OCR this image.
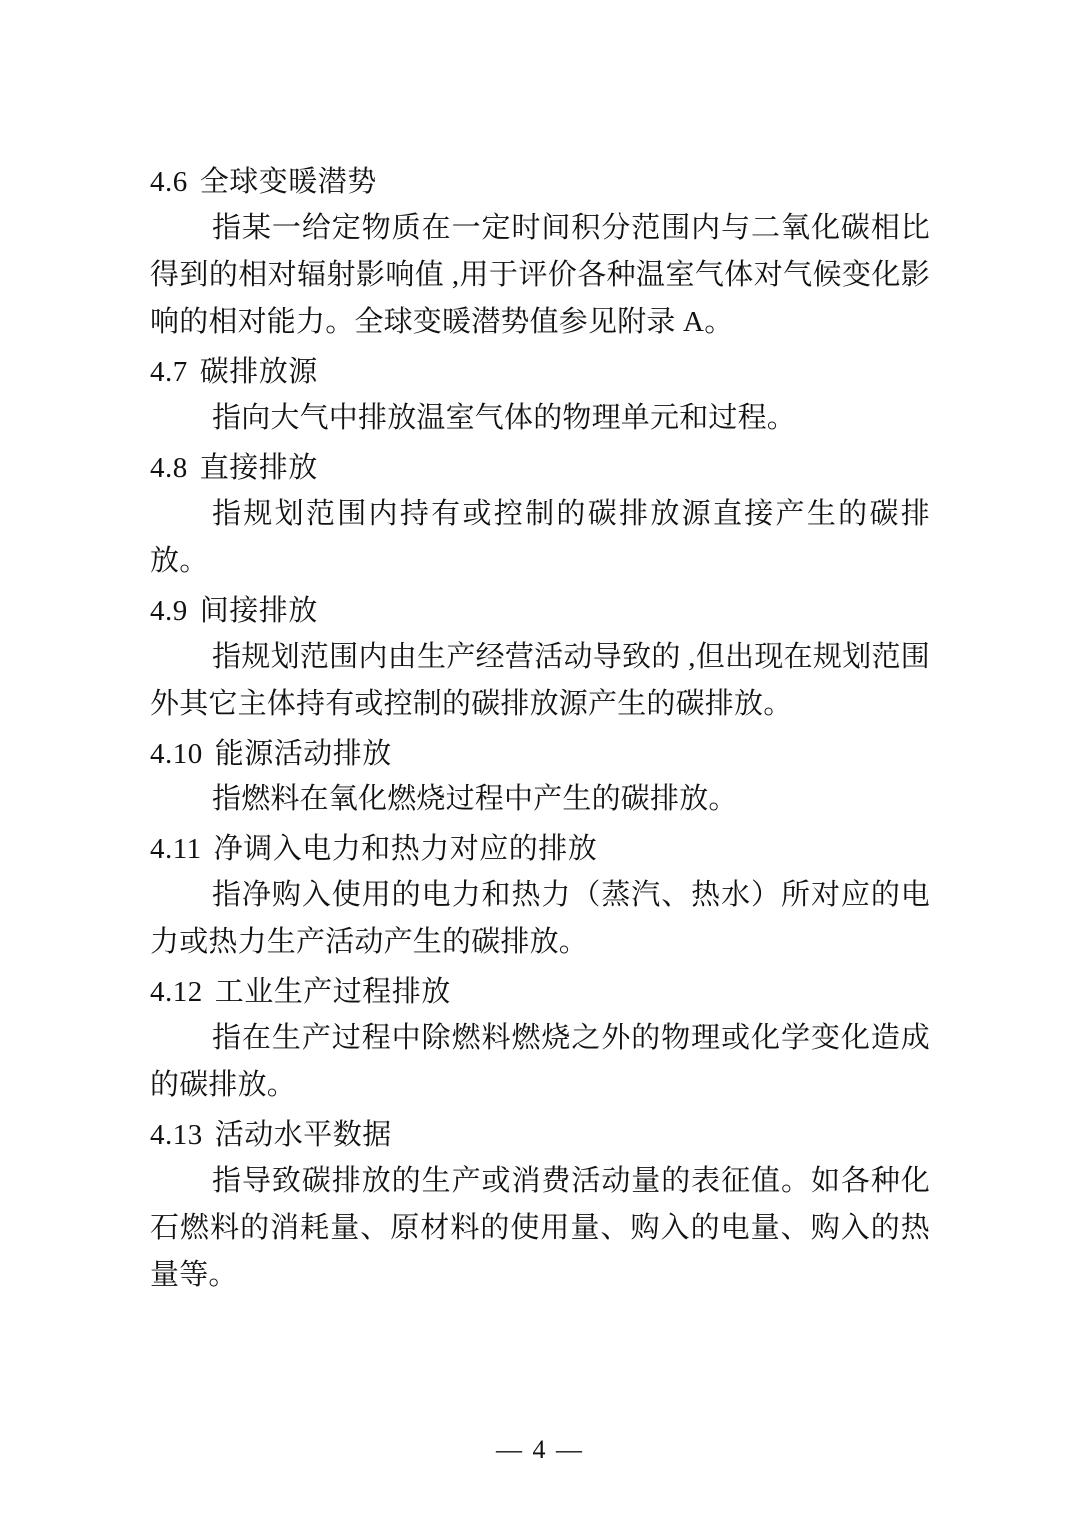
4.6 全球变暖潜势

指某一给定物质在一定时间积分范围内与二氧化碳相比得到的相对辐射影响值 ,用于评价各种温室气体对气候变化影响的相对能力。全球变暖潜势值参见附录 A。

4.7 碳排放源

指向大气中排放温室气体的物理单元和过程。

4.8 直接排放

指规划范围内持有或控制的碳排放源直接产生的碳排放。

4.9 间接排放

指规划范围内由生产经营活动导致的 ,但出现在规划范围外其它主体持有或控制的碳排放源产生的碳排放。

4.10 能源活动排放

指燃料在氧化燃烧过程中产生的碳排放。

4.11 净调入电力和热力对应的排放

指净购入使用的电力和热力（蒸汽、热水）所对应的电力或热力生产活动产生的碳排放。

4.12 工业生产过程排放

指在生产过程中除燃料燃烧之外的物理或化学变化造成的碳排放。

4.13 活动水平数据

指导致碳排放的生产或消费活动量的表征值。如各种化石燃料的消耗量、原材料的使用量、购入的电量、购入的热量等。

— 4 —
